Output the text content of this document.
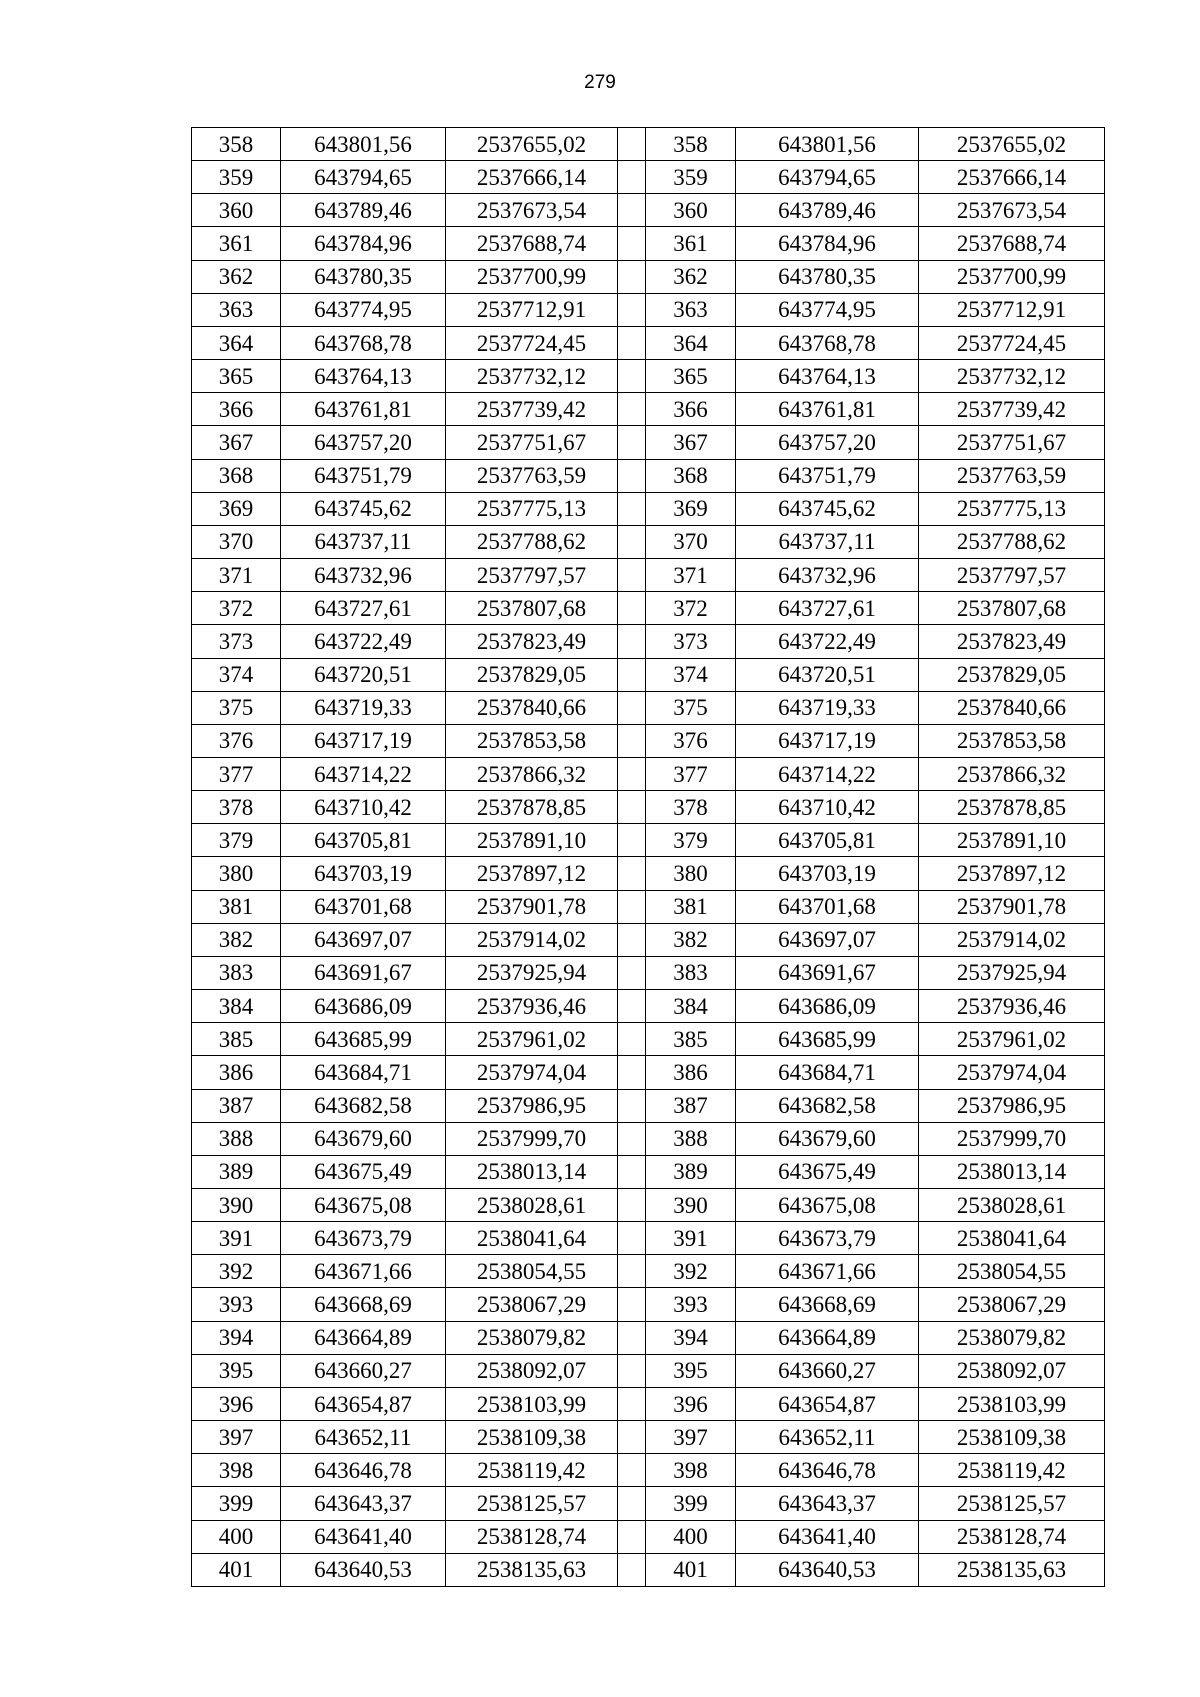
279
358	643801,56	2537655,02		358	643801,56	2537655,02
359	643794,65	2537666,14		359	643794,65	2537666,14
360	643789,46	2537673,54		360	643789,46	2537673,54
361	643784,96	2537688,74		361	643784,96	2537688,74
362	643780,35	2537700,99		362	643780,35	2537700,99
363	643774,95	2537712,91		363	643774,95	2537712,91
364	643768,78	2537724,45		364	643768,78	2537724,45
365	643764,13	2537732,12		365	643764,13	2537732,12
366	643761,81	2537739,42		366	643761,81	2537739,42
367	643757,20	2537751,67		367	643757,20	2537751,67
368	643751,79	2537763,59		368	643751,79	2537763,59
369	643745,62	2537775,13		369	643745,62	2537775,13
370	643737,11	2537788,62		370	643737,11	2537788,62
371	643732,96	2537797,57		371	643732,96	2537797,57
372	643727,61	2537807,68		372	643727,61	2537807,68
373	643722,49	2537823,49		373	643722,49	2537823,49
374	643720,51	2537829,05		374	643720,51	2537829,05
375	643719,33	2537840,66		375	643719,33	2537840,66
376	643717,19	2537853,58		376	643717,19	2537853,58
377	643714,22	2537866,32		377	643714,22	2537866,32
378	643710,42	2537878,85		378	643710,42	2537878,85
379	643705,81	2537891,10		379	643705,81	2537891,10
380	643703,19	2537897,12		380	643703,19	2537897,12
381	643701,68	2537901,78		381	643701,68	2537901,78
382	643697,07	2537914,02		382	643697,07	2537914,02
383	643691,67	2537925,94		383	643691,67	2537925,94
384	643686,09	2537936,46		384	643686,09	2537936,46
385	643685,99	2537961,02		385	643685,99	2537961,02
386	643684,71	2537974,04		386	643684,71	2537974,04
387	643682,58	2537986,95		387	643682,58	2537986,95
388	643679,60	2537999,70		388	643679,60	2537999,70
389	643675,49	2538013,14		389	643675,49	2538013,14
390	643675,08	2538028,61		390	643675,08	2538028,61
391	643673,79	2538041,64		391	643673,79	2538041,64
392	643671,66	2538054,55		392	643671,66	2538054,55
393	643668,69	2538067,29		393	643668,69	2538067,29
394	643664,89	2538079,82		394	643664,89	2538079,82
395	643660,27	2538092,07		395	643660,27	2538092,07
396	643654,87	2538103,99		396	643654,87	2538103,99
397	643652,11	2538109,38		397	643652,11	2538109,38
398	643646,78	2538119,42		398	643646,78	2538119,42
399	643643,37	2538125,57		399	643643,37	2538125,57
400	643641,40	2538128,74		400	643641,40	2538128,74
401	643640,53	2538135,63		401	643640,53	2538135,63
